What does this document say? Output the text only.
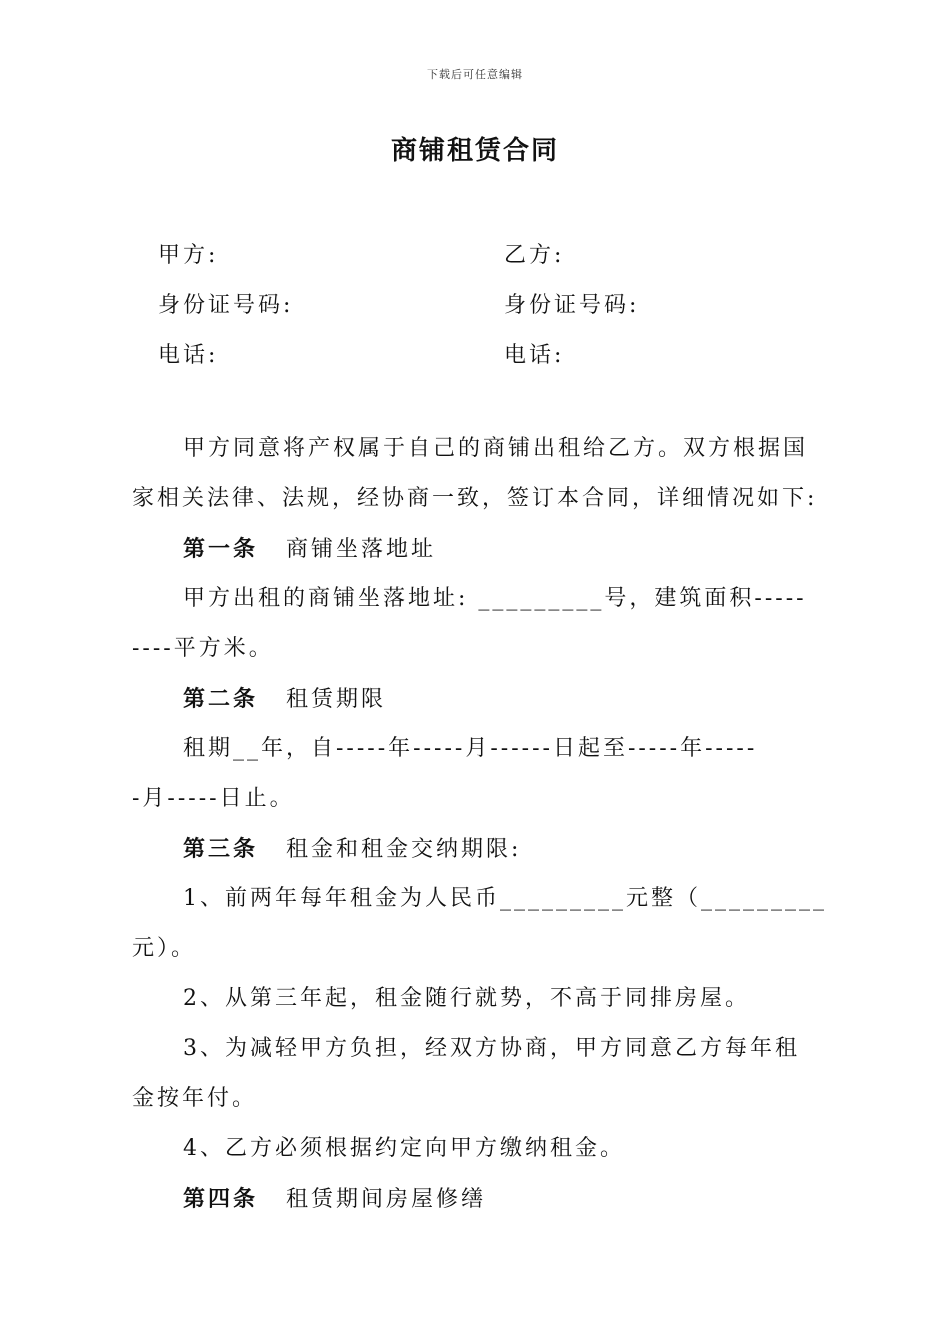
下载后可任意编辑
商铺租赁合同
甲方:	乙方:
身份证号码:	身份证号码:
电话:	电话:
甲方同意将产权属于自己的商铺出租给乙方。双方根据国
家相关法律、法规，经协商一致，签订本合同，详细情况如下:
第一条 商铺坐落地址
甲方出租的商铺坐落地址: _________号，建筑面积-----
----平方米。
第二条 租赁期限
租期__年，自-----年-----月------日起至-----年-----
-月-----日止。
第三条 租金和租金交纳期限:
1、前两年每年租金为人民币_________元整（_________
元）。
2、从第三年起，租金随行就势，不高于同排房屋。
3、为减轻甲方负担，经双方协商，甲方同意乙方每年租
金按年付。
4、乙方必须根据约定向甲方缴纳租金。
第四条 租赁期间房屋修缮
